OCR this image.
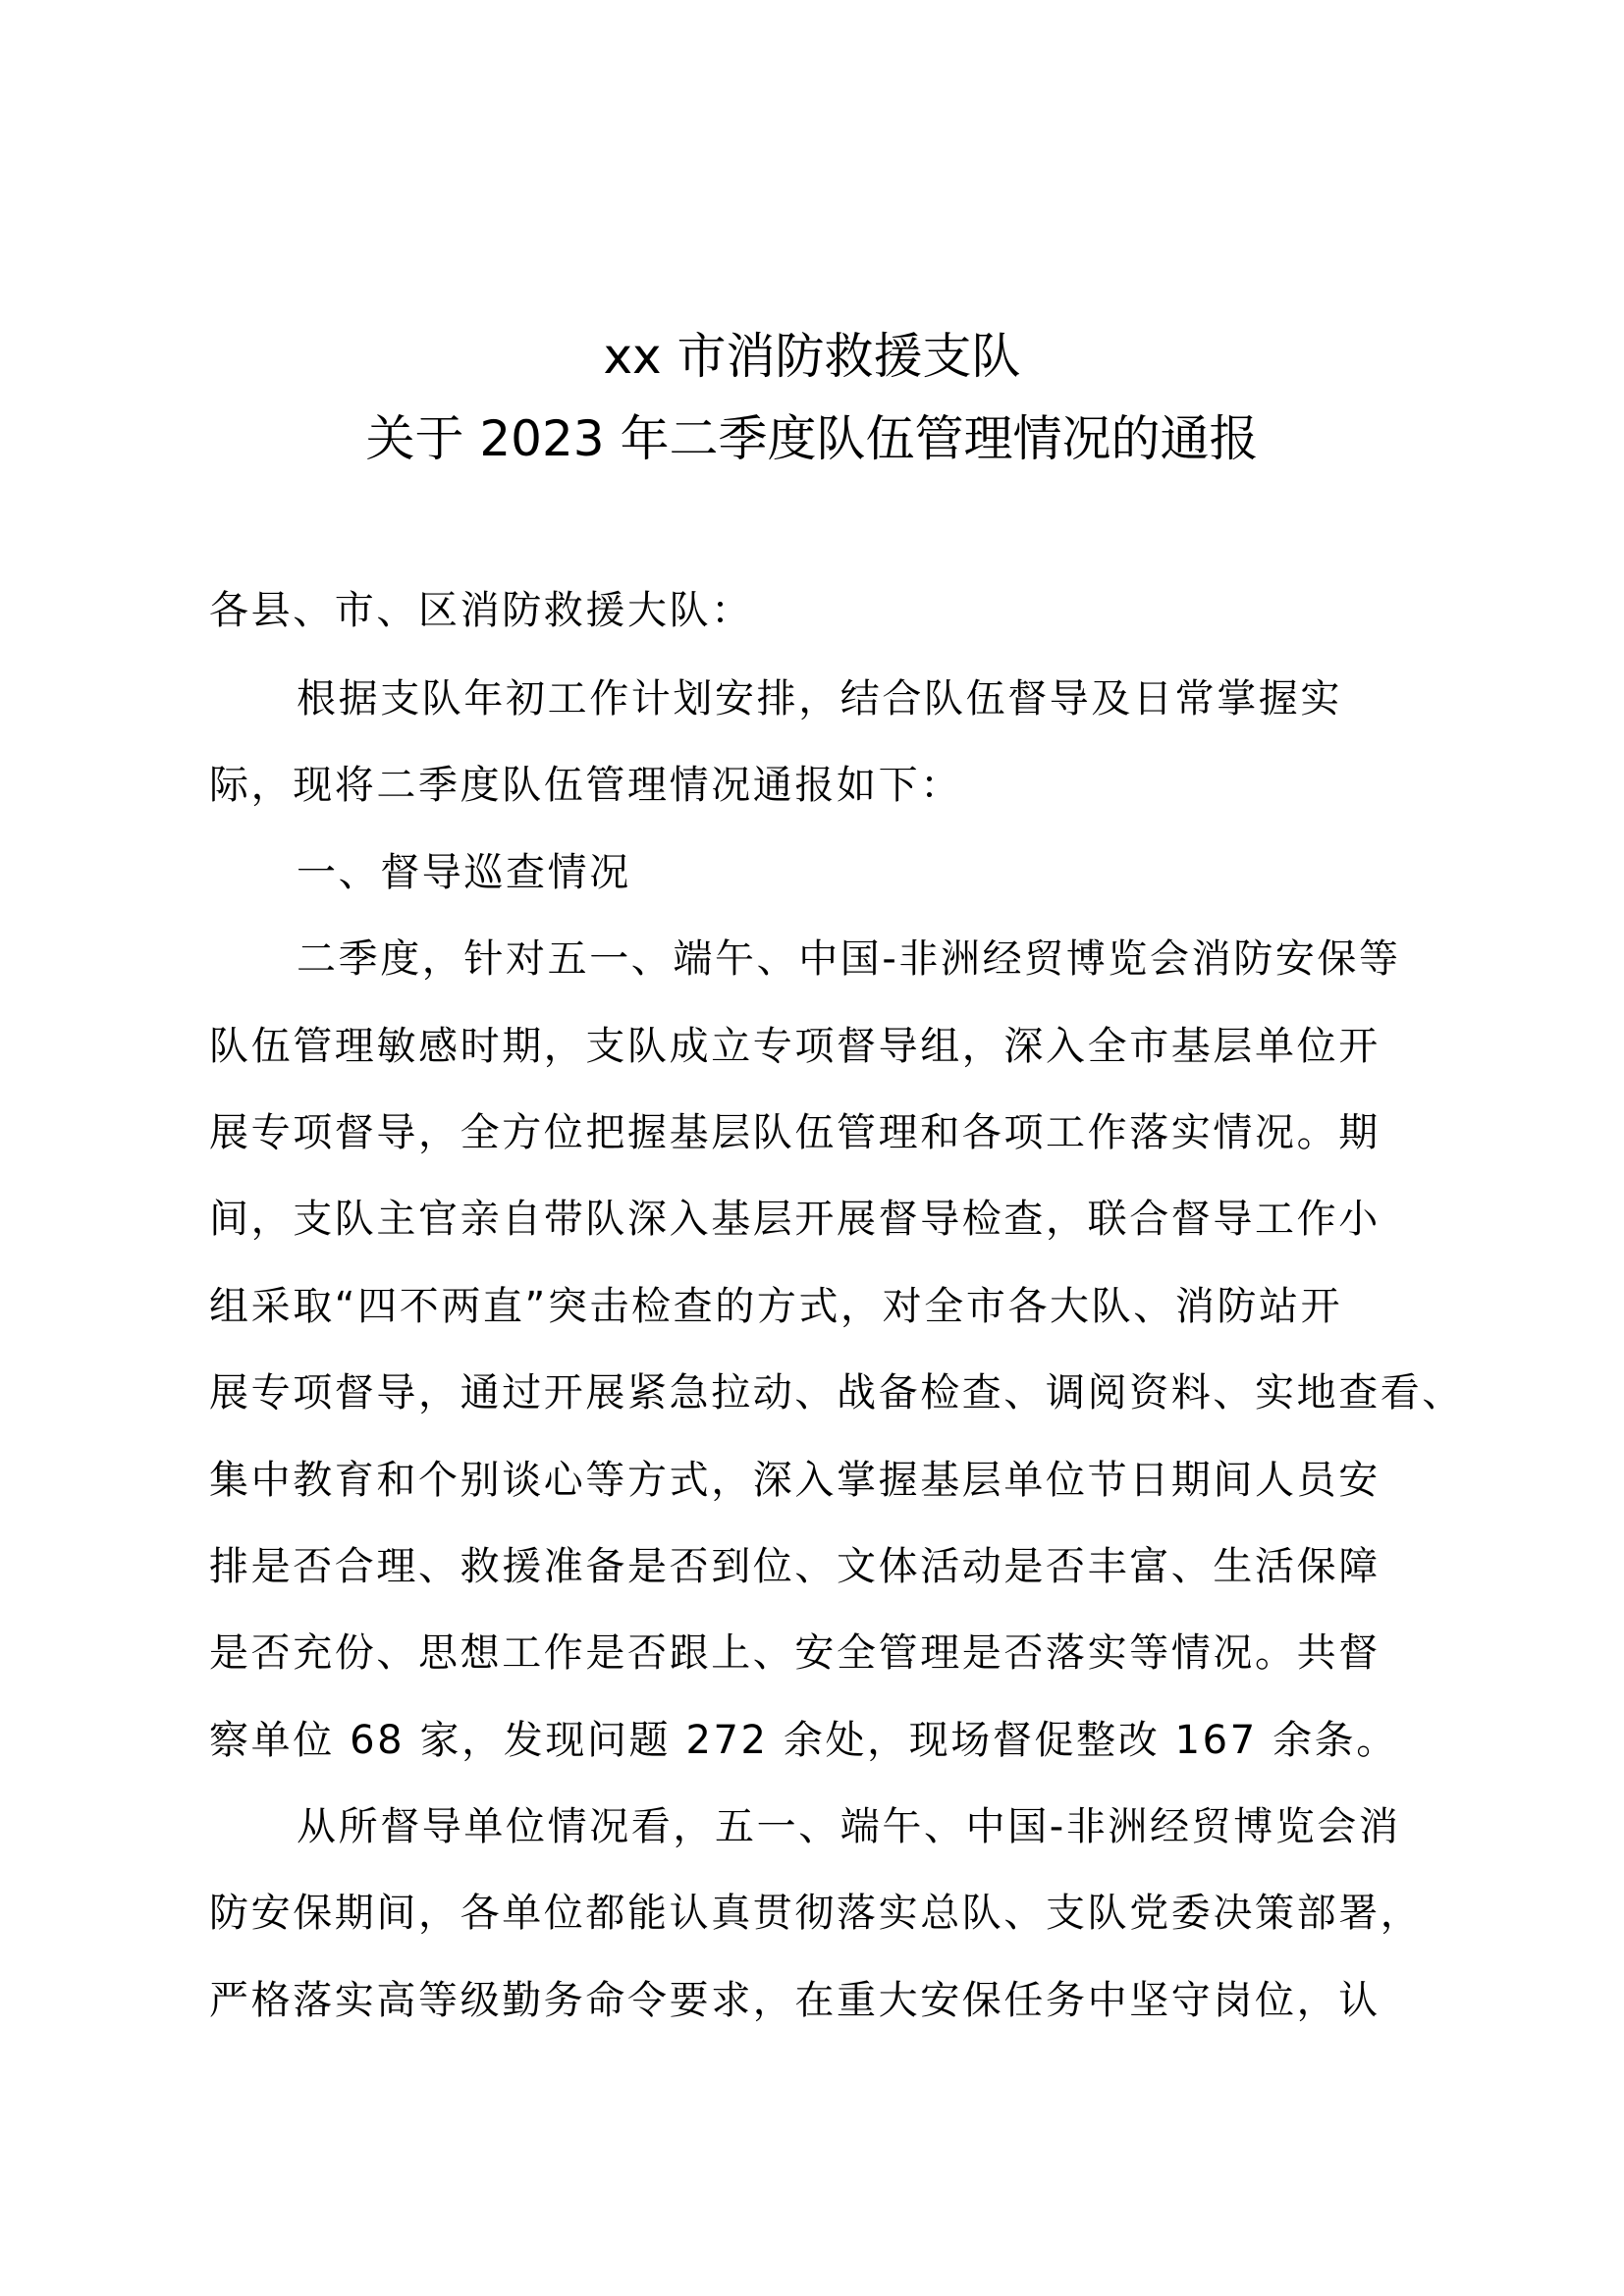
xx 市消防救援支队
关于 2023 年二季度队伍管理情况的通报
各县、市、区消防救援大队：
根据支队年初工作计划安排，结合队伍督导及日常掌握实
际，现将二季度队伍管理情况通报如下：
一、督导巡查情况
二季度，针对五一、端午、中国-非洲经贸博览会消防安保等
队伍管理敏感时期，支队成立专项督导组，深入全市基层单位开
展专项督导，全方位把握基层队伍管理和各项工作落实情况。期
间，支队主官亲自带队深入基层开展督导检查，联合督导工作小
组采取“四不两直”突击检查的方式，对全市各大队、消防站开
展专项督导，通过开展紧急拉动、战备检查、调阅资料、实地查看、
集中教育和个别谈心等方式，深入掌握基层单位节日期间人员安
排是否合理、救援准备是否到位、文体活动是否丰富、生活保障
是否充份、思想工作是否跟上、安全管理是否落实等情况。共督
察单位 68 家，发现问题 272 余处，现场督促整改 167 余条。
从所督导单位情况看，五一、端午、中国-非洲经贸博览会消
防安保期间，各单位都能认真贯彻落实总队、支队党委决策部署，
严格落实高等级勤务命令要求，在重大安保任务中坚守岗位，认
